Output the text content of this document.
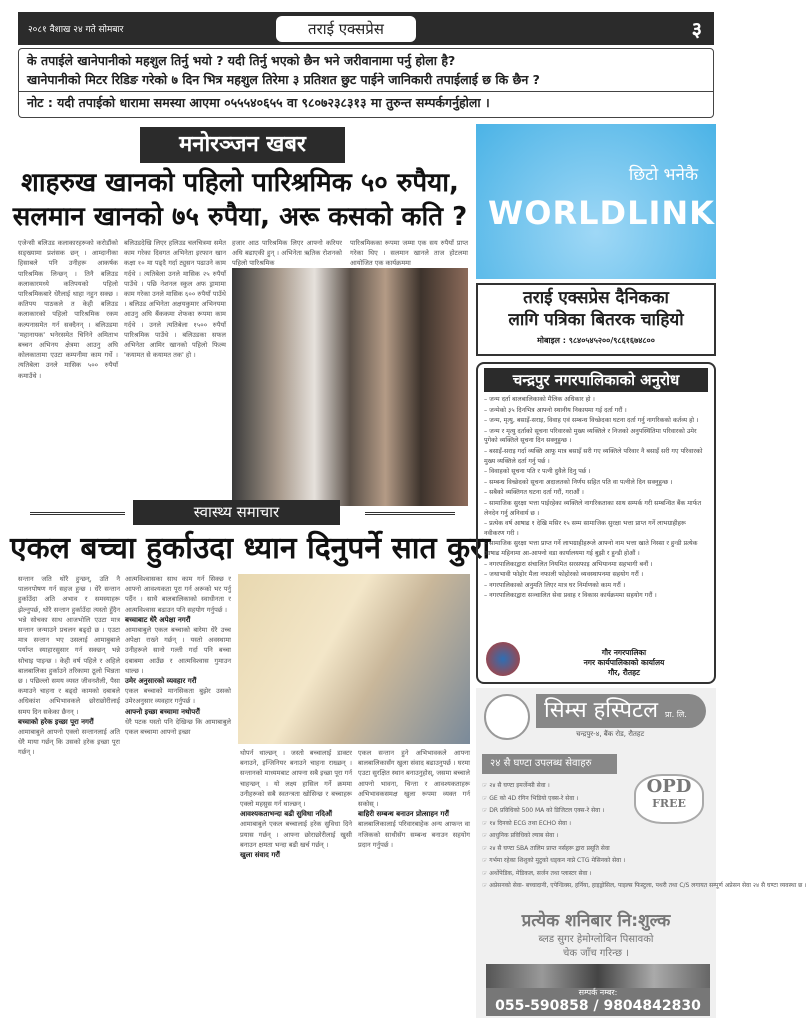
२०८१ वैशाख २४ गते सोमबार	तराई एक्सप्रेस	३
के तपाईले खानेपानीको महशुल तिर्नु भयो ? यदी तिर्नु भएको छैन भने जरीवानामा पर्नु होला है?
खानेपानीको मिटर रिडिङ गरेको ७ दिन भित्र महशुल तिरेमा ३ प्रतिशत छुट पाईने जानिकारी तपाईलाई छ कि छैन ?
नोट : यदी तपाईको धारामा समस्या आएमा ०५५५४०६५५ वा ९८०७२३८३१३ मा तुरुन्त सम्पर्कगर्नुहोला ।
मनोरञ्जन खबर
शाहरुख खानको पहिलो पारिश्रमिक ५० रुपैया,
सलमान खानको ७५ रुपैया, अरू कसको कति ?
एजेन्सी बलिउड कलाकारहरूको करोडौंको सङ्ख्यामा प्रशंसक छन् । आम्दानीका हिसाबले पनि उनीहरू आकर्षक पारिश्रमिक लिन्छन् । तिनै बलिउड कलाकारमध्ये कतिपयको पहिलो पारिश्रमिकबारे धेरैलाई थाहा नहुन सक्छ । कतिपय पाठकले त केही बलिउड कलाकारको पहिलो पारिश्रमिक रकम कल्पनासमेत गर्न सक्दैनन् । बलिउडमा 'महानायक' भनेरसमेत चिनिने अमिताभ बच्चन अभिनय क्षेत्रमा आउनु अघि कोलकातामा एउटा कम्पनीमा काम गर्थे । त्यतिबेला उनले मासिक ५०० रुपैयाँ कमाउँथे ।
बलिउडदेखि लिएर हलिउड चलचित्रमा समेत काम गरेका दिवगत अभिनेता इरफान खान कक्षा १० मा पढ्दै गर्दा ट्युसन पढाउने काम गर्दथे । त्यतिबेला उनले मासिक २५ रुपैयाँ पाउँथे । पछि नेशनल स्कुल अफ ड्रामामा काम गरेका उनले मासिक ६०० रुपैयाँ पाउँथे । बलिउड अभिनेता अक्षयकुमार अभिनयमा आउनु अघि बैंककमा शेफका रूपमा काम गर्दथे । उनले त्यतिबेला १५०० रुपैयाँ पारिश्रमिक पाउँथे । बलिउडका सफल अभिनेता आमिर खानको पहिलो फिल्म 'कयामत से कयामत तक' हो ।
हजार आठ पारिश्रमिक लिएर आफ्नो करियर अघि बढाएकी हुन् । अभिनेता ऋतिक रोशनको पहिलो पारिश्रमिक
पारिश्रमिकका रूपमा जम्मा एक सय रुपैयाँ प्राप्त गरेका थिए । सलमान खानले ताज होटलमा आयोजित एक कार्यक्रममा
स्वास्थ्य समाचार
एकल बच्चा हुर्काउदा ध्यान दिनुपर्ने सात कुरा
सन्तान जति थोरै हुन्छन्, उति नै पालनपोषण गर्न सहज हुन्छ । धेरै सन्तान हुर्काउँदा अति अभाव र समस्याहरू झेल्नुपर्छ, थोरै सन्तान हुर्काउँदा त्यस्तो हुँदैन भन्ने सोचका साथ आजभोलि एउटा मात्र सन्तान जन्माउने प्रचलन बढ्दो छ । एउटा मात्र सन्तान भए उसलाई आमाबुबाले पर्याप्त स्याहारसुसार गर्न सक्छन् भन्ने सोचाइ पाइन्छ । केही वर्ष पहिले र अहिले बालबालिका हुर्काउने तरिकामा ठूलो भिन्नता छ । पछिल्लो समय व्यस्त जीवनशैली, पैसा कमाउने चाहना र बढ्दो कामको दबाबले अधिकांश अभिभावकले छोराछोरीलाई समय दिन सकेका छैनन् ।
बच्चाको हरेक इच्छा पूरा नगरौं
आमाबाबुले आफ्नो एक्लो सन्तानलाई अति धेरै माया गर्छन् कि उसको हरेक इच्छा पूरा गर्छन् ।
आत्मविश्वासका साथ काम गर्न सिक्छ र आफ्नो आवश्यकता पूरा गर्न अरूको भर पर्नु पर्दैन । साथै बालबालिकाको स्वाधीनता र आत्मविश्वास बढाउन पनि सहयोग गर्नुपर्छ ।
बच्चाबाट धेरै अपेक्षा नगरौं
आमाबाबुले एकल बच्चाको बारेमा धेरै उच्च अपेक्षा राख्ने गर्छन् । यस्तो अवस्थामा उनीहरूले सानो गल्ती गर्दा पनि बच्चा दबाबमा आउँछ र आत्मविश्वास गुमाउन थाल्छ ।
उमेर अनुसारको व्यवहार गरौं
एकल बच्चाको मानसिकता बुझेर उसको उमेरअनुसार व्यवहार गर्नुपर्छ ।
आफ्नो इच्छा बच्चामा नथोपरौं
धेरै पटक यस्तो पनि देखिन्छ कि आमाबाबुले एकल बच्चामा आफ्नो इच्छा
थोपर्न थाल्छन् । जस्तो बच्चालाई डाक्टर बनाउने, इन्जिनियर बनाउने चाहना राख्छन् । सन्तानको माध्यमबाट आफ्ना सबै इच्छा पूरा गर्न चाहन्छन् । यो लक्ष्य हासिल गर्ने क्रममा उनीहरूको सबै स्वतन्त्रता खोसिन्छ र बच्चाहरू एक्लो महसुस गर्न थाल्छन् ।
आवश्यकताभन्दा बढी सुविधा नदिऔं
आमाबाबुले एकल बच्चालाई हरेक सुविधा दिने प्रयास गर्छन् । आफ्ना छोराछोरीलाई खुसी बनाउन क्षमता भन्दा बढी खर्च गर्छन् ।
खुला संवाद गरौं
एकल सन्तान हुने अभिभावकले आफ्ना बालबालिकासँग खुला संवाद बढाउनुपर्छ । घरमा एउटा सुरक्षित स्थान बनाउनुहोस्, जसमा बच्चाले आफ्नो भावना, चिन्ता र आवश्यकताहरू अभिभावकसमक्ष खुला रूपमा व्यक्त गर्न सकोस् ।
बाहिरी सम्बन्ध बनाउन प्रोत्साहन गरौं
बालबालिकालाई परिवारबाहेक अन्य आफन्त वा नजिकको साथीसँग सम्बन्ध बनाउन सहयोग प्रदान गर्नुपर्छ ।
छिटो भनेकै
WORLDLINK
तराई एक्सप्रेस दैनिकका
लागि पत्रिका बितरक चाहियो
मोबाइल : ९८४०५४५२००/९८६१६७४८००
चन्द्रपुर नगरपालिकाको अनुरोध
– जन्म दर्ता बालबालिकाको मैलिक अधिकार हो ।
– जन्मेको ३५ दिनभित्र आफ्नो स्थानीय निकायमा गई दर्ता गरौं ।
– जन्म, मृत्यु, बसाइँ-सराइ, विवाह एवं सम्बन्ध विच्छेदका घटना दर्ता गर्नु नागरिकको कर्तव्य हो ।
– जन्म र मृत्यु दर्ताको सूचना परिवारको मुख्य व्यक्तिले र निजको अनुपस्थितिमा परिवारको उमेर पुगेको व्यक्तिले सूचना दिन सक्नुहुन्छ ।
– बसाइँ-सराइ गर्दा व्यक्ति आफू मात्र बसाइँ सरी गए व्यक्तिले परिवार नै बसाइँ सरी गए परिवारको मुख्य व्यक्तिले दर्ता गर्नु पर्छ ।
– विवाहको सूचना पति र पत्नी दुवैले दिनु पर्छ ।
– सम्बन्ध विच्छेदको सूचना अदालतको निर्णय सहित पति वा पत्नीले दिन सक्नुहुन्छ ।
– सबैको व्यक्तिगत घटना दर्ता गरौं, गराऔं ।
– सामाजिक सुरक्षा भत्ता पाईरहेका व्यक्तिले नागरिकताका साथ सम्पर्क गरी सम्बन्धित बैंक मार्फत लेनदेन गर्नु अनिवार्य छ ।
– प्रत्येक वर्ष आषाढ १ देखि मसिर १५ सम्म सामाजिक सुरक्षा भत्ता प्राप्त गर्ने लाभग्राहीहरू नवीकरण गरी ।
– सामाजिक सुरक्षा भत्ता प्राप्त गर्ने लाभग्राहीहरूले आफ्नो नाम भत्ता खाते निस्सा र हुन्डी प्रत्येक आषाढ महिनामा आ-आफ्नो वडा कार्यालयमा गई बुझी र हुन्डी होऔं ।
– नगरपालिकाद्वारा संचालित नियमित सरसफाइ अभियानमा सहभागी बनौं ।
– जथाभावी फोहोर मैला नफाली फोहोरको व्यवस्थापनमा सहयोग गरौं ।
– नगरपालिकाको अनुमति लिएर मात्र घर निर्माणको काम गरौं ।
– नगरपालिकाद्वारा सञ्चालित सेवा प्रवाह र विकास कार्यक्रममा सहयोग गरौं ।
गौर नगरपालिका
नगर कार्यपालिकाको कार्यालय
गौर, रौतहट
सिम्स हस्पिटल प्रा. लि.
चन्द्रपुर-४, बैंक रोड, रौतहट
२४ सै घण्टा उपलब्ध सेवाहरु
OPD
FREE
☞ २४ सै घण्टा इमर्जेन्सी सेवा ।
☞ GE को 4D रंगिन भिडियो एक्स-रे सेवा ।
☞ DR प्रविधिको 500 MA को डिजिटल एक्स-रे सेवा ।
☞ १४ दिनको ECG तथा ECHO सेवा ।
☞ आधुनिक प्रविधिको ल्याब सेवा ।
☞ २४ सै घण्टा SBA तालिम प्राप्त नर्सहरू द्वारा प्रसूति सेवा
☞ गर्भमा रहेका शिशुको मुटुको धड्कन नाप्ने CTG मेसिनको सेवा ।
☞ अर्थोपेडिक, मेडिकल, सर्जन तथा प्लास्टर सेवा ।
☞ अप्रेसनको सेवा- बच्चादानी, एपेन्डिक्स, हर्निया, हाइड्रोसिल, पाइल्स फिस्टुला, पथरी तथा C/S लगायत सम्पूर्ण अप्रेसन सेवा २४ सै घण्टा व्यवस्था छ ।
प्रत्येक शनिबार नि:शुल्क
ब्लड सुगर हेमोग्लोबिन पिसावको
चेक जाँच गरिन्छ ।
सम्पर्क नम्बर:
055-590858 / 9804842830
